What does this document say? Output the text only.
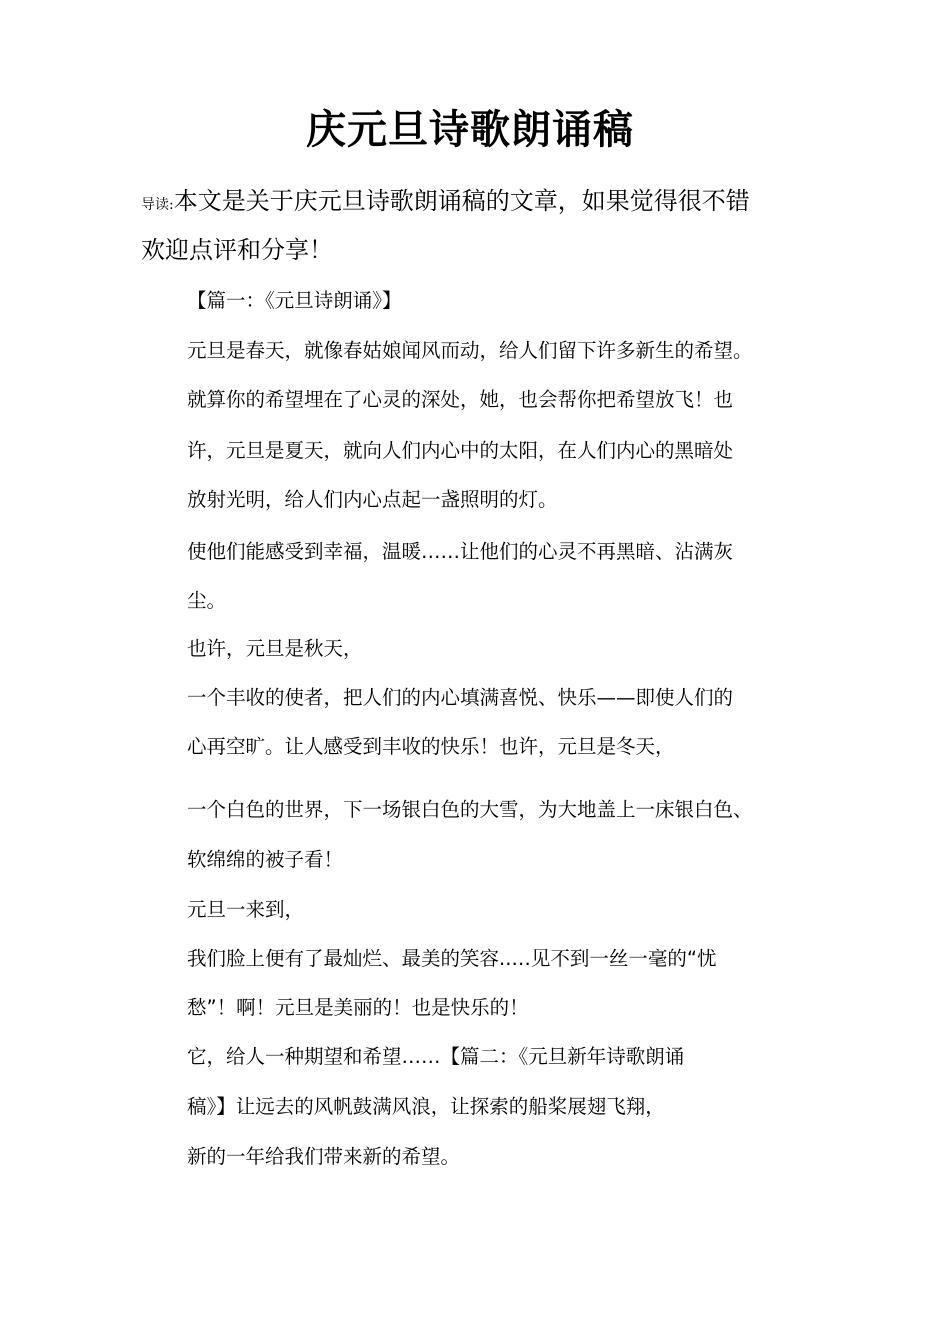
庆元旦诗歌朗诵稿
导读:本文是关于庆元旦诗歌朗诵稿的文章，如果觉得很不错
欢迎点评和分享！
【篇一：《元旦诗朗诵》】
元旦是春天，就像春姑娘闻风而动，给人们留下许多新生的希望。
就算你的希望埋在了心灵的深处，她，也会帮你把希望放飞！也
许，元旦是夏天，就向人们内心中的太阳，在人们内心的黑暗处
放射光明，给人们内心点起一盏照明的灯。
使他们能感受到幸福，温暖……让他们的心灵不再黑暗、沾满灰
尘。
也许，元旦是秋天，
一个丰收的使者，把人们的内心填满喜悦、快乐——即使人们的
心再空旷。让人感受到丰收的快乐！也许，元旦是冬天，
一个白色的世界，下一场银白色的大雪，为大地盖上一床银白色、
软绵绵的被子看！
元旦一来到，
我们脸上便有了最灿烂、最美的笑容..…见不到一丝一毫的“忧
愁”！啊！元旦是美丽的！也是快乐的！
它，给人一种期望和希望……【篇二：《元旦新年诗歌朗诵
稿》】让远去的风帆鼓满风浪，让探索的船桨展翅飞翔，
新的一年给我们带来新的希望。
